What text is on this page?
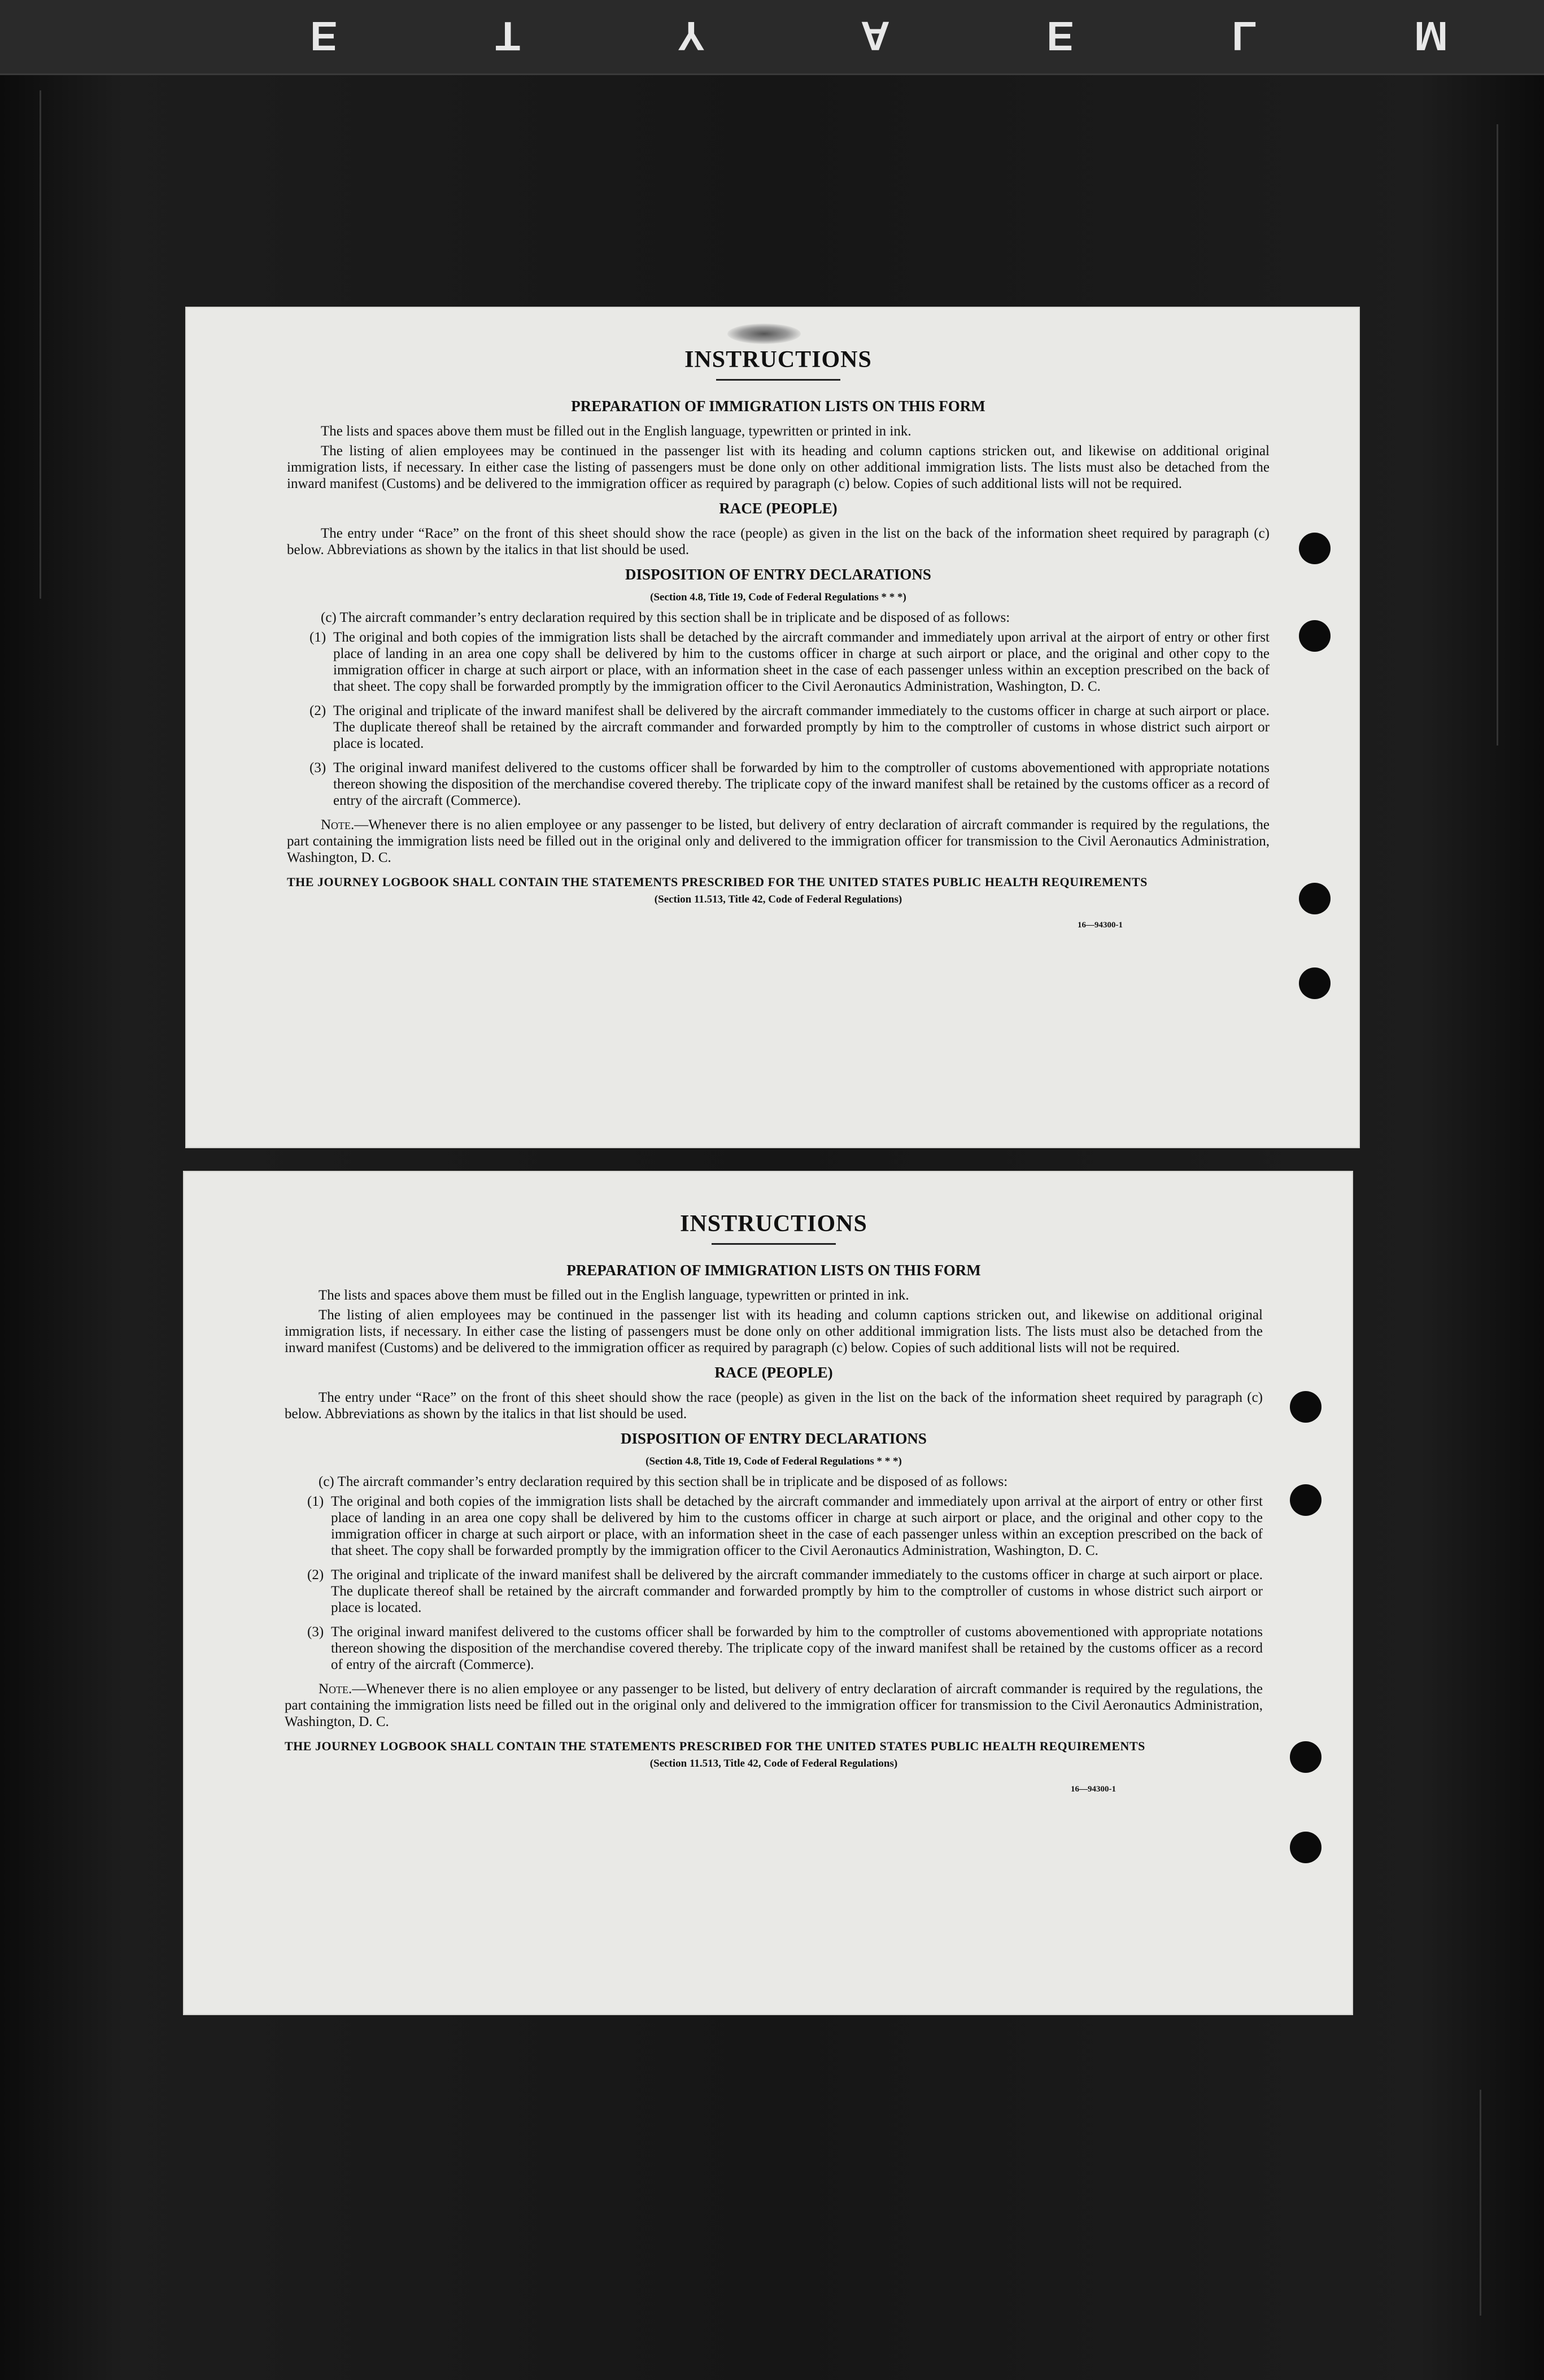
E T Y A E L M
INSTRUCTIONS
PREPARATION OF IMMIGRATION LISTS ON THIS FORM

The lists and spaces above them must be filled out in the English language, typewritten or printed in ink.

The listing of alien employees may be continued in the passenger list with its heading and column captions stricken out, and likewise on additional original immigration lists, if necessary. In either case the listing of passengers must be done only on other additional immigration lists. The lists must also be detached from the inward manifest (Customs) and be delivered to the immigration officer as required by paragraph (c) below. Copies of such additional lists will not be required.

RACE (PEOPLE)

The entry under “Race” on the front of this sheet should show the race (people) as given in the list on the back of the information sheet required by paragraph (c) below. Abbreviations as shown by the italics in that list should be used.

DISPOSITION OF ENTRY DECLARATIONS
(Section 4.8, Title 19, Code of Federal Regulations * * *)

(c) The aircraft commander’s entry declaration required by this section shall be in triplicate and be disposed of as follows:

(1) The original and both copies of the immigration lists shall be detached by the aircraft commander and immediately upon arrival at the airport of entry or other first place of landing in an area one copy shall be delivered by him to the customs officer in charge at such airport or place, and the original and other copy to the immigration officer in charge at such airport or place, with an information sheet in the case of each passenger unless within an exception prescribed on the back of that sheet. The copy shall be forwarded promptly by the immigration officer to the Civil Aeronautics Administration, Washington, D. C.
(2) The original and triplicate of the inward manifest shall be delivered by the aircraft commander immediately to the customs officer in charge at such airport or place. The duplicate thereof shall be retained by the aircraft commander and forwarded promptly by him to the comptroller of customs in whose district such airport or place is located.
(3) The original inward manifest delivered to the customs officer shall be forwarded by him to the comptroller of customs abovementioned with appropriate notations thereon showing the disposition of the merchandise covered thereby. The triplicate copy of the inward manifest shall be retained by the customs officer as a record of entry of the aircraft (Commerce).

Note.—Whenever there is no alien employee or any passenger to be listed, but delivery of entry declaration of aircraft commander is required by the regulations, the part containing the immigration lists need be filled out in the original only and delivered to the immigration officer for transmission to the Civil Aeronautics Administration, Washington, D. C.

THE JOURNEY LOGBOOK SHALL CONTAIN THE STATEMENTS PRESCRIBED FOR THE UNITED STATES PUBLIC HEALTH REQUIREMENTS

(Section 11.513, Title 42, Code of Federal Regulations)
16—94300-1
INSTRUCTIONS
PREPARATION OF IMMIGRATION LISTS ON THIS FORM

The lists and spaces above them must be filled out in the English language, typewritten or printed in ink.

The listing of alien employees may be continued in the passenger list with its heading and column captions stricken out, and likewise on additional original immigration lists, if necessary. In either case the listing of passengers must be done only on other additional immigration lists. The lists must also be detached from the inward manifest (Customs) and be delivered to the immigration officer as required by paragraph (c) below. Copies of such additional lists will not be required.

RACE (PEOPLE)

The entry under “Race” on the front of this sheet should show the race (people) as given in the list on the back of the information sheet required by paragraph (c) below. Abbreviations as shown by the italics in that list should be used.

DISPOSITION OF ENTRY DECLARATIONS
(Section 4.8, Title 19, Code of Federal Regulations * * *)

(c) The aircraft commander’s entry declaration required by this section shall be in triplicate and be disposed of as follows:

(1) The original and both copies of the immigration lists shall be detached by the aircraft commander and immediately upon arrival at the airport of entry or other first place of landing in an area one copy shall be delivered by him to the customs officer in charge at such airport or place, and the original and other copy to the immigration officer in charge at such airport or place, with an information sheet in the case of each passenger unless within an exception prescribed on the back of that sheet. The copy shall be forwarded promptly by the immigration officer to the Civil Aeronautics Administration, Washington, D. C.
(2) The original and triplicate of the inward manifest shall be delivered by the aircraft commander immediately to the customs officer in charge at such airport or place. The duplicate thereof shall be retained by the aircraft commander and forwarded promptly by him to the comptroller of customs in whose district such airport or place is located.
(3) The original inward manifest delivered to the customs officer shall be forwarded by him to the comptroller of customs abovementioned with appropriate notations thereon showing the disposition of the merchandise covered thereby. The triplicate copy of the inward manifest shall be retained by the customs officer as a record of entry of the aircraft (Commerce).

Note.—Whenever there is no alien employee or any passenger to be listed, but delivery of entry declaration of aircraft commander is required by the regulations, the part containing the immigration lists need be filled out in the original only and delivered to the immigration officer for transmission to the Civil Aeronautics Administration, Washington, D. C.

THE JOURNEY LOGBOOK SHALL CONTAIN THE STATEMENTS PRESCRIBED FOR THE UNITED STATES PUBLIC HEALTH REQUIREMENTS

(Section 11.513, Title 42, Code of Federal Regulations)
16—94300-1
